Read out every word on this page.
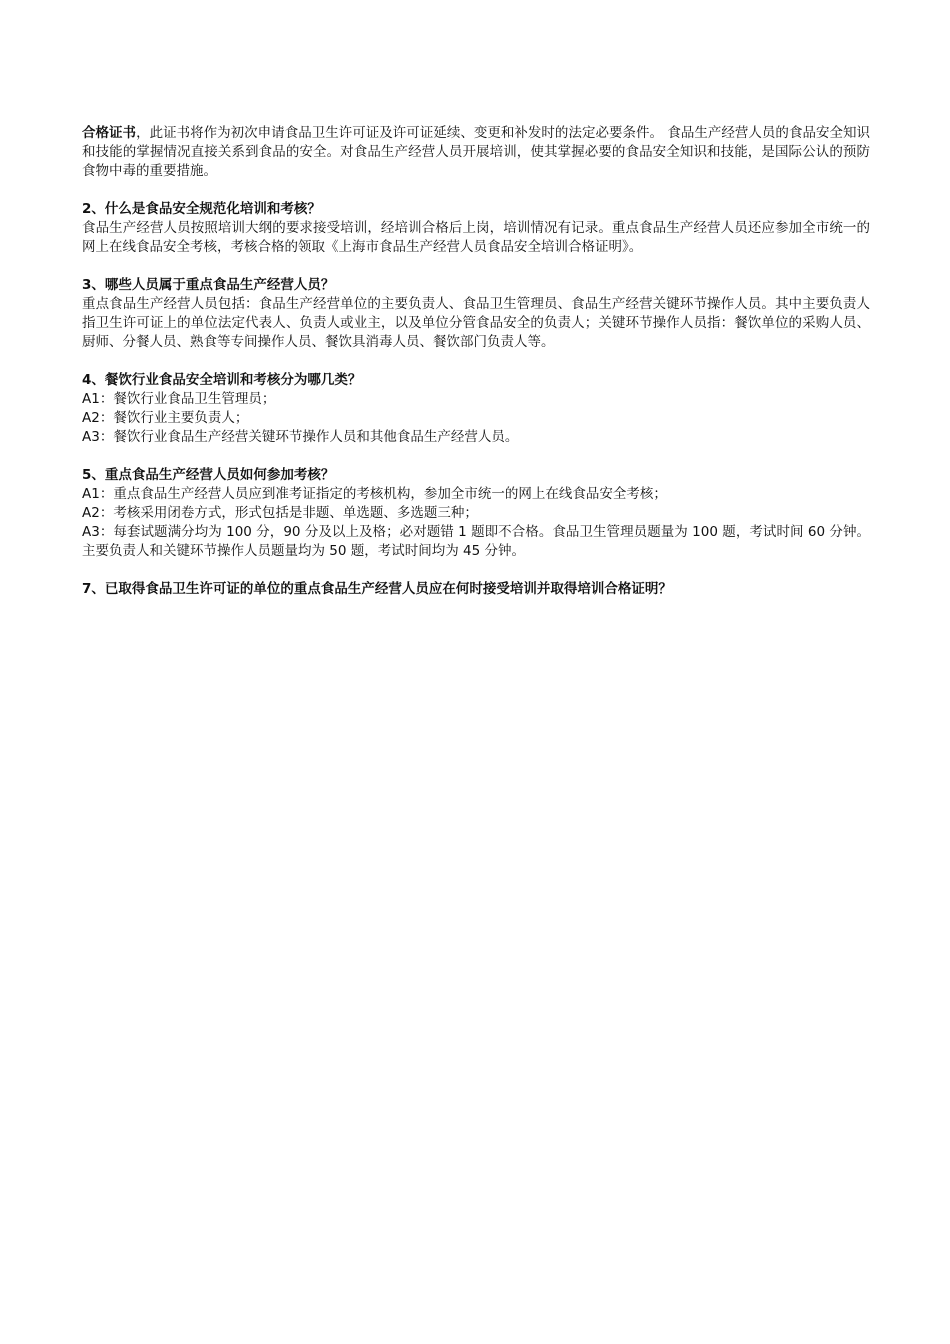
合格证书，此证书将作为初次申请食品卫生许可证及许可证延续、变更和补发时的法定必要条件。 食品生产经营人员的食品安全知识和技能的掌握情况直接关系到食品的安全。对食品生产经营人员开展培训，使其掌握必要的食品安全知识和技能，是国际公认的预防食物中毒的重要措施。

2、什么是食品安全规范化培训和考核？

食品生产经营人员按照培训大纲的要求接受培训，经培训合格后上岗，培训情况有记录。重点食品生产经营人员还应参加全市统一的网上在线食品安全考核，考核合格的领取《上海市食品生产经营人员食品安全培训合格证明》。

3、哪些人员属于重点食品生产经营人员？

重点食品生产经营人员包括：食品生产经营单位的主要负责人、食品卫生管理员、食品生产经营关键环节操作人员。其中主要负责人指卫生许可证上的单位法定代表人、负责人或业主，以及单位分管食品安全的负责人；关键环节操作人员指：餐饮单位的采购人员、厨师、分餐人员、熟食等专间操作人员、餐饮具消毒人员、餐饮部门负责人等。

4、餐饮行业食品安全培训和考核分为哪几类？

A1：餐饮行业食品卫生管理员；

A2：餐饮行业主要负责人；

A3：餐饮行业食品生产经营关键环节操作人员和其他食品生产经营人员。

5、重点食品生产经营人员如何参加考核？

A1：重点食品生产经营人员应到准考证指定的考核机构，参加全市统一的网上在线食品安全考核；

A2：考核采用闭卷方式，形式包括是非题、单选题、多选题三种；

A3：每套试题满分均为 100 分，90 分及以上及格；必对题错 1 题即不合格。食品卫生管理员题量为 100 题，考试时间 60 分钟。主要负责人和关键环节操作人员题量均为 50 题，考试时间均为 45 分钟。

7、已取得食品卫生许可证的单位的重点食品生产经营人员应在何时接受培训并取得培训合格证明？
